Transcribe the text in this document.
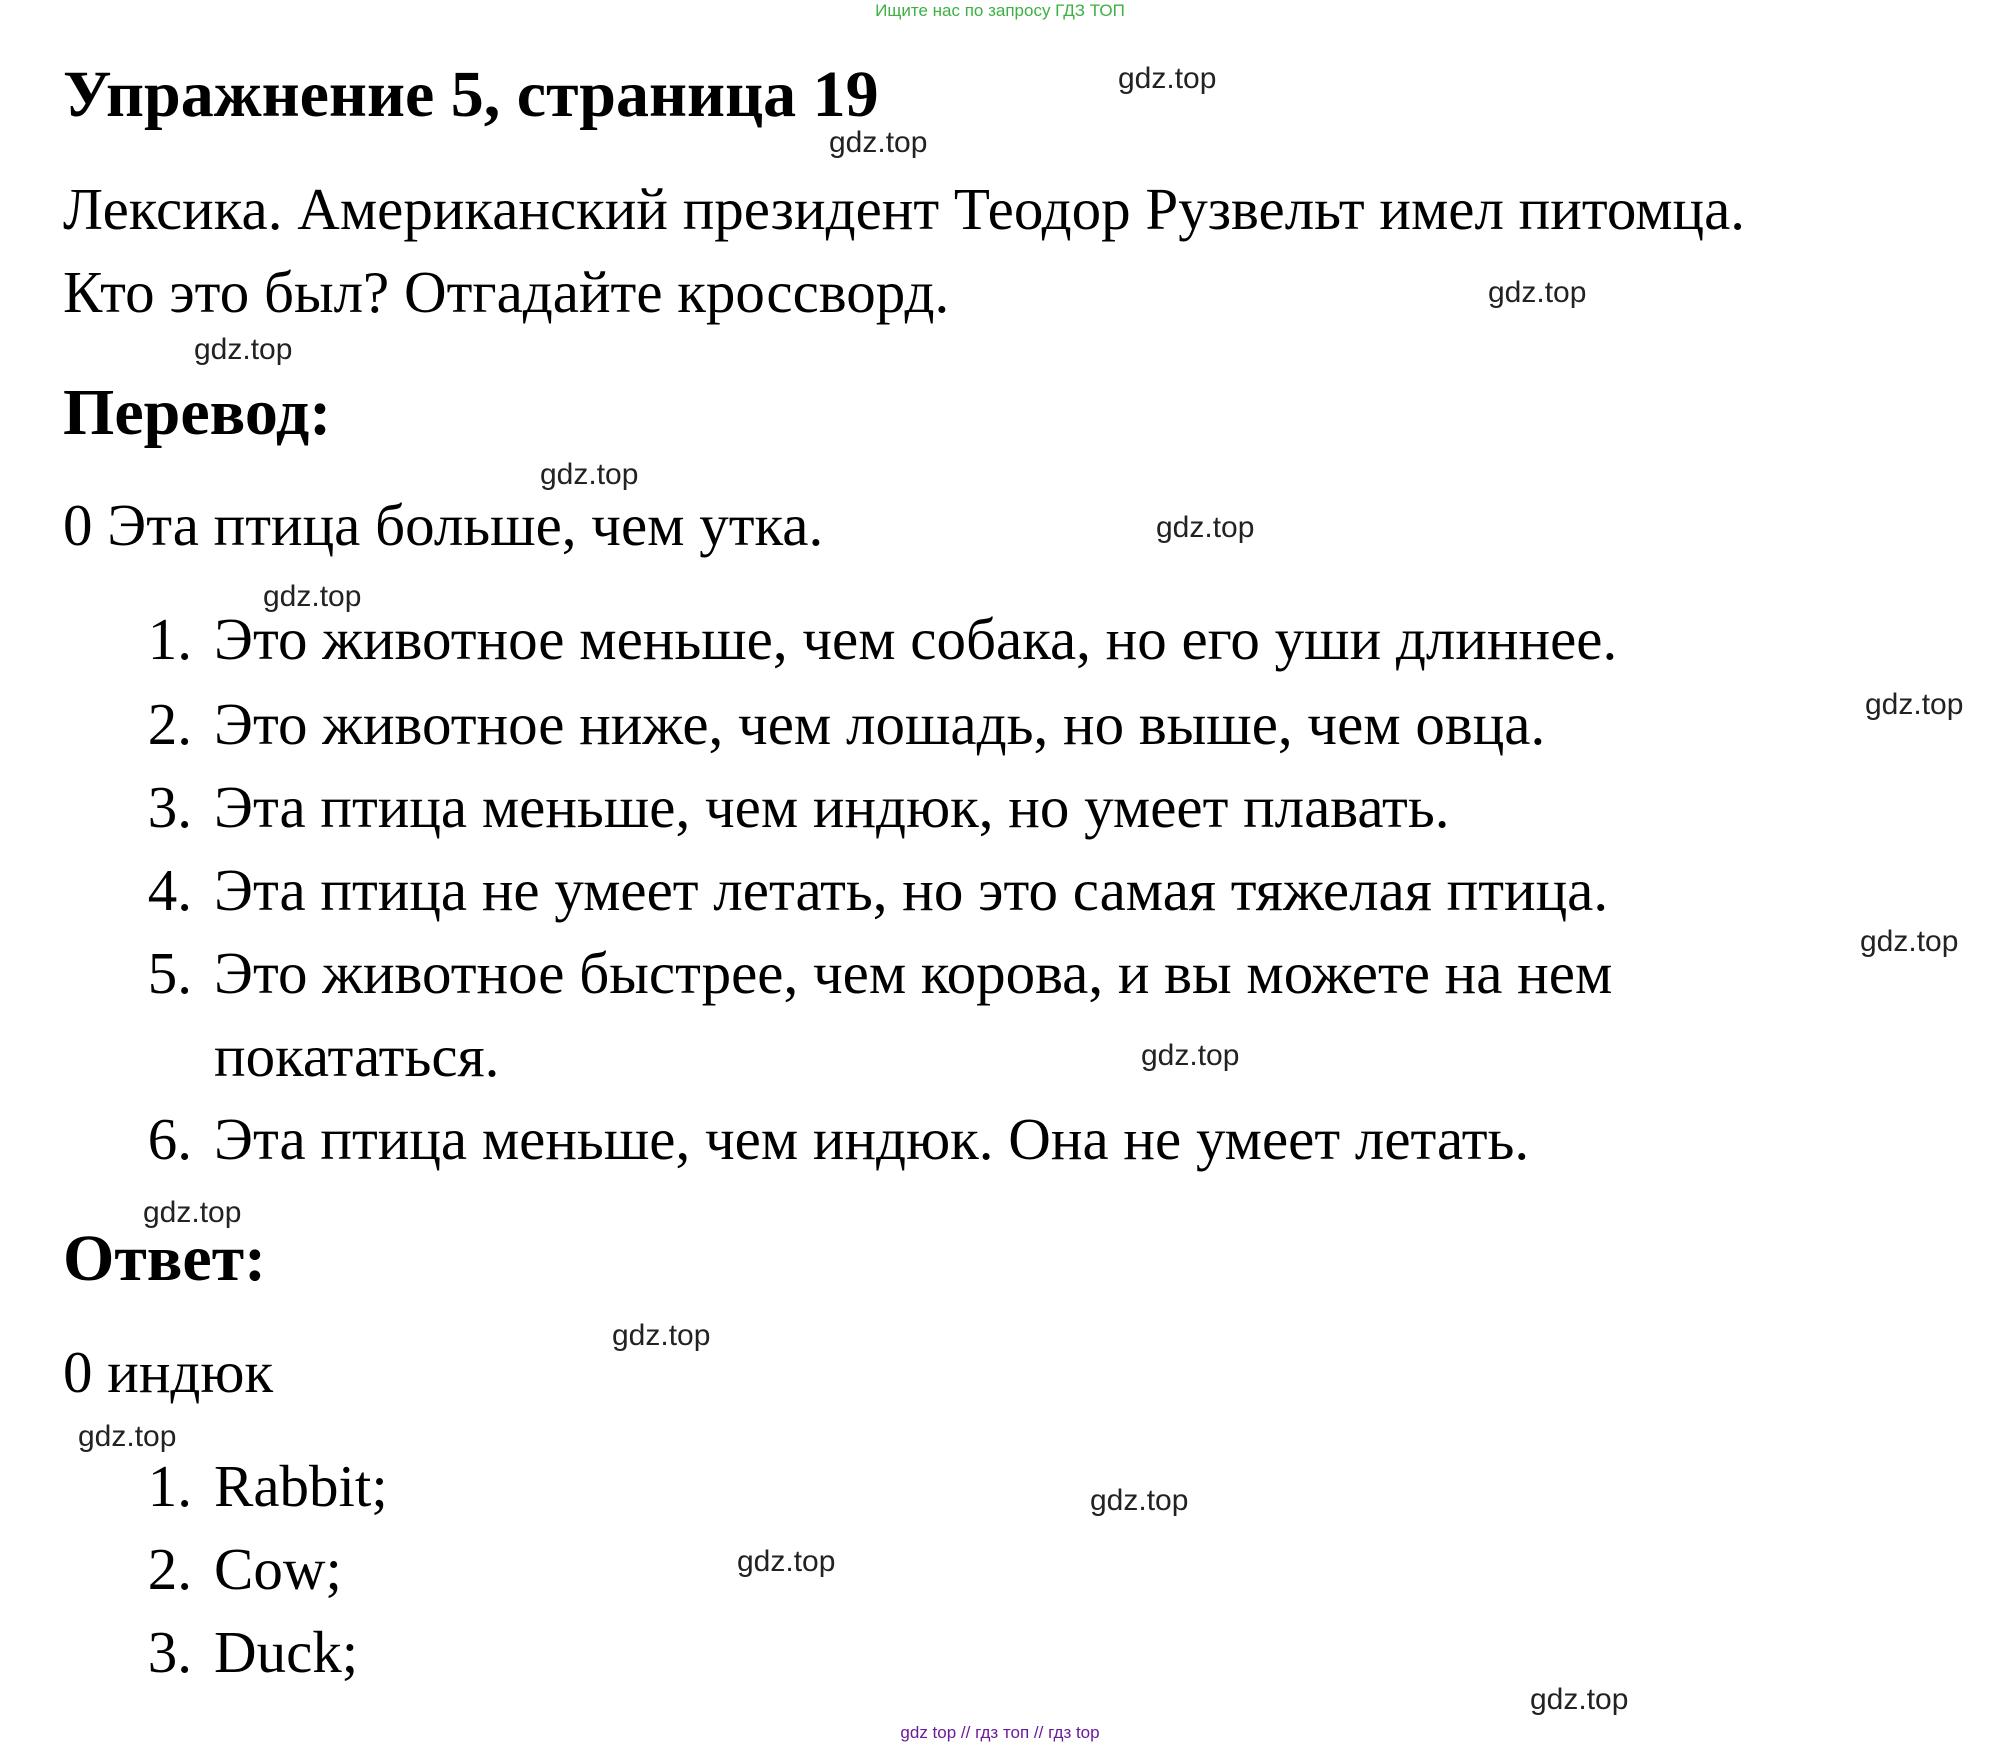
Ищите нас по запросу ГДЗ ТОП
Упражнение 5, страница 19
Лексика. Американский президент Теодор Рузвельт имел питомца.
Кто это был? Отгадайте кроссворд.
Перевод:
0 Эта птица больше, чем утка.
1. Это животное меньше, чем собака, но его уши длиннее.
2. Это животное ниже, чем лошадь, но выше, чем овца.
3. Эта птица меньше, чем индюк, но умеет плавать.
4. Эта птица не умеет летать, но это самая тяжелая птица.
5. Это животное быстрее, чем корова, и вы можете на нем
покататься.
6. Эта птица меньше, чем индюк. Она не умеет летать.
Ответ:
0 индюк
1. Rabbit;
2. Cow;
3. Duck;
gdz.top
gdz.top
gdz.top
gdz.top
gdz.top
gdz.top
gdz.top
gdz.top
gdz.top
gdz.top
gdz.top
gdz.top
gdz.top
gdz.top
gdz.top
gdz.top
gdz top // гдз топ // гдз top
